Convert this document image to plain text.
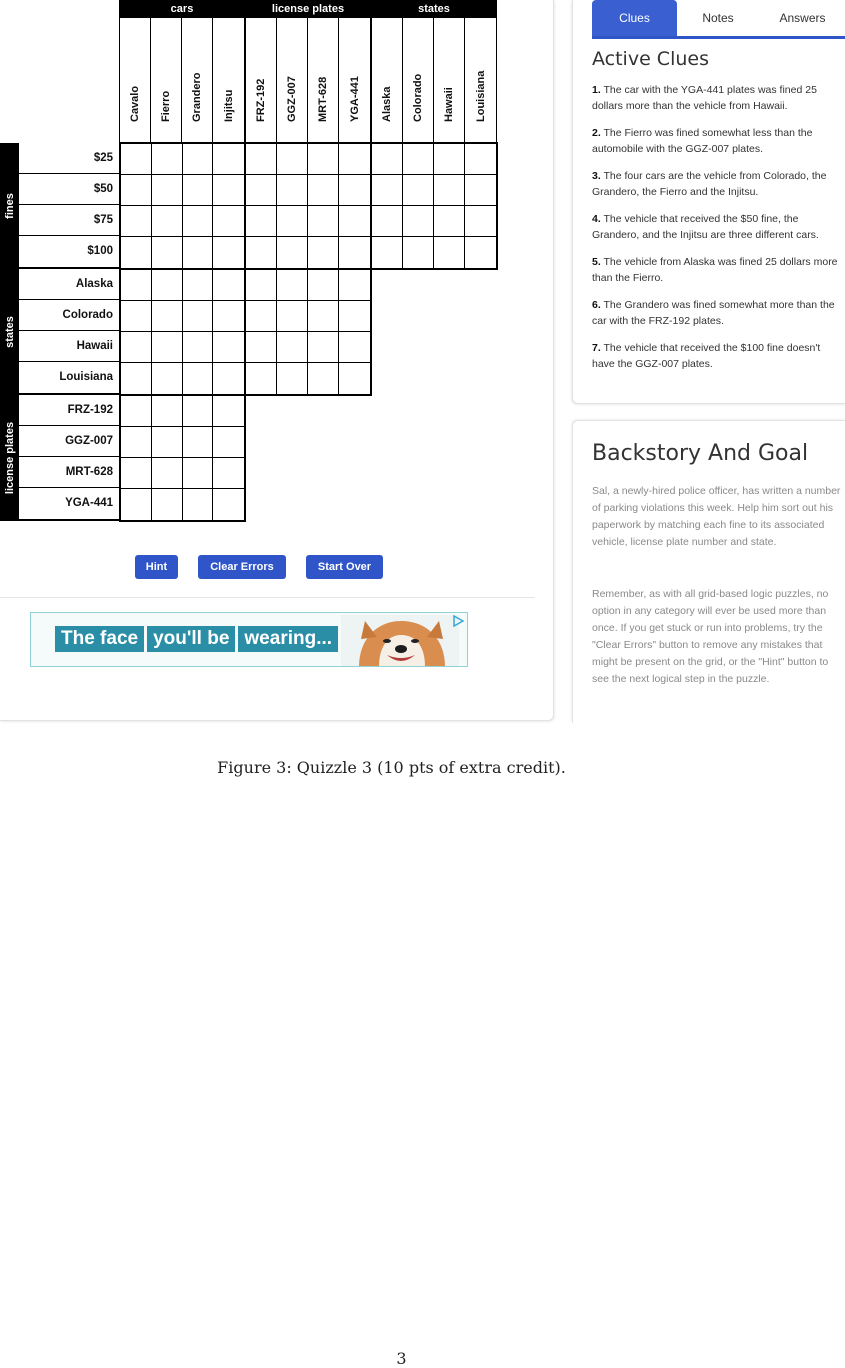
cars	license plates	states
Cavalo Fierro Grandero Injitsu FRZ-192 GGZ-007 MRT-628 YGA-441 Alaska Colorado Hawaii Louisiana
fines
states
license plates
$25
$50
$75
$100
Alaska
Colorado
Hawaii
Louisiana
FRZ-192
GGZ-007
MRT-628
YGA-441
Hint	Clear Errors	Start Over
The face you'll be wearing...
Clues	Notes	Answers
Active Clues
1. The car with the YGA-441 plates was fined 25 dollars more than the vehicle from Hawaii.
2. The Fierro was fined somewhat less than the automobile with the GGZ-007 plates.
3. The four cars are the vehicle from Colorado, the Grandero, the Fierro and the Injitsu.
4. The vehicle that received the $50 fine, the Grandero, and the Injitsu are three different cars.
5. The vehicle from Alaska was fined 25 dollars more than the Fierro.
6. The Grandero was fined somewhat more than the car with the FRZ-192 plates.
7. The vehicle that received the $100 fine doesn't have the GGZ-007 plates.
Backstory And Goal
Sal, a newly-hired police officer, has written a number of parking violations this week. Help him sort out his paperwork by matching each fine to its associated vehicle, license plate number and state.
Remember, as with all grid-based logic puzzles, no option in any category will ever be used more than once. If you get stuck or run into problems, try the "Clear Errors" button to remove any mistakes that might be present on the grid, or the "Hint" button to see the next logical step in the puzzle.
Figure 3: Quizzle 3 (10 pts of extra credit).
3
